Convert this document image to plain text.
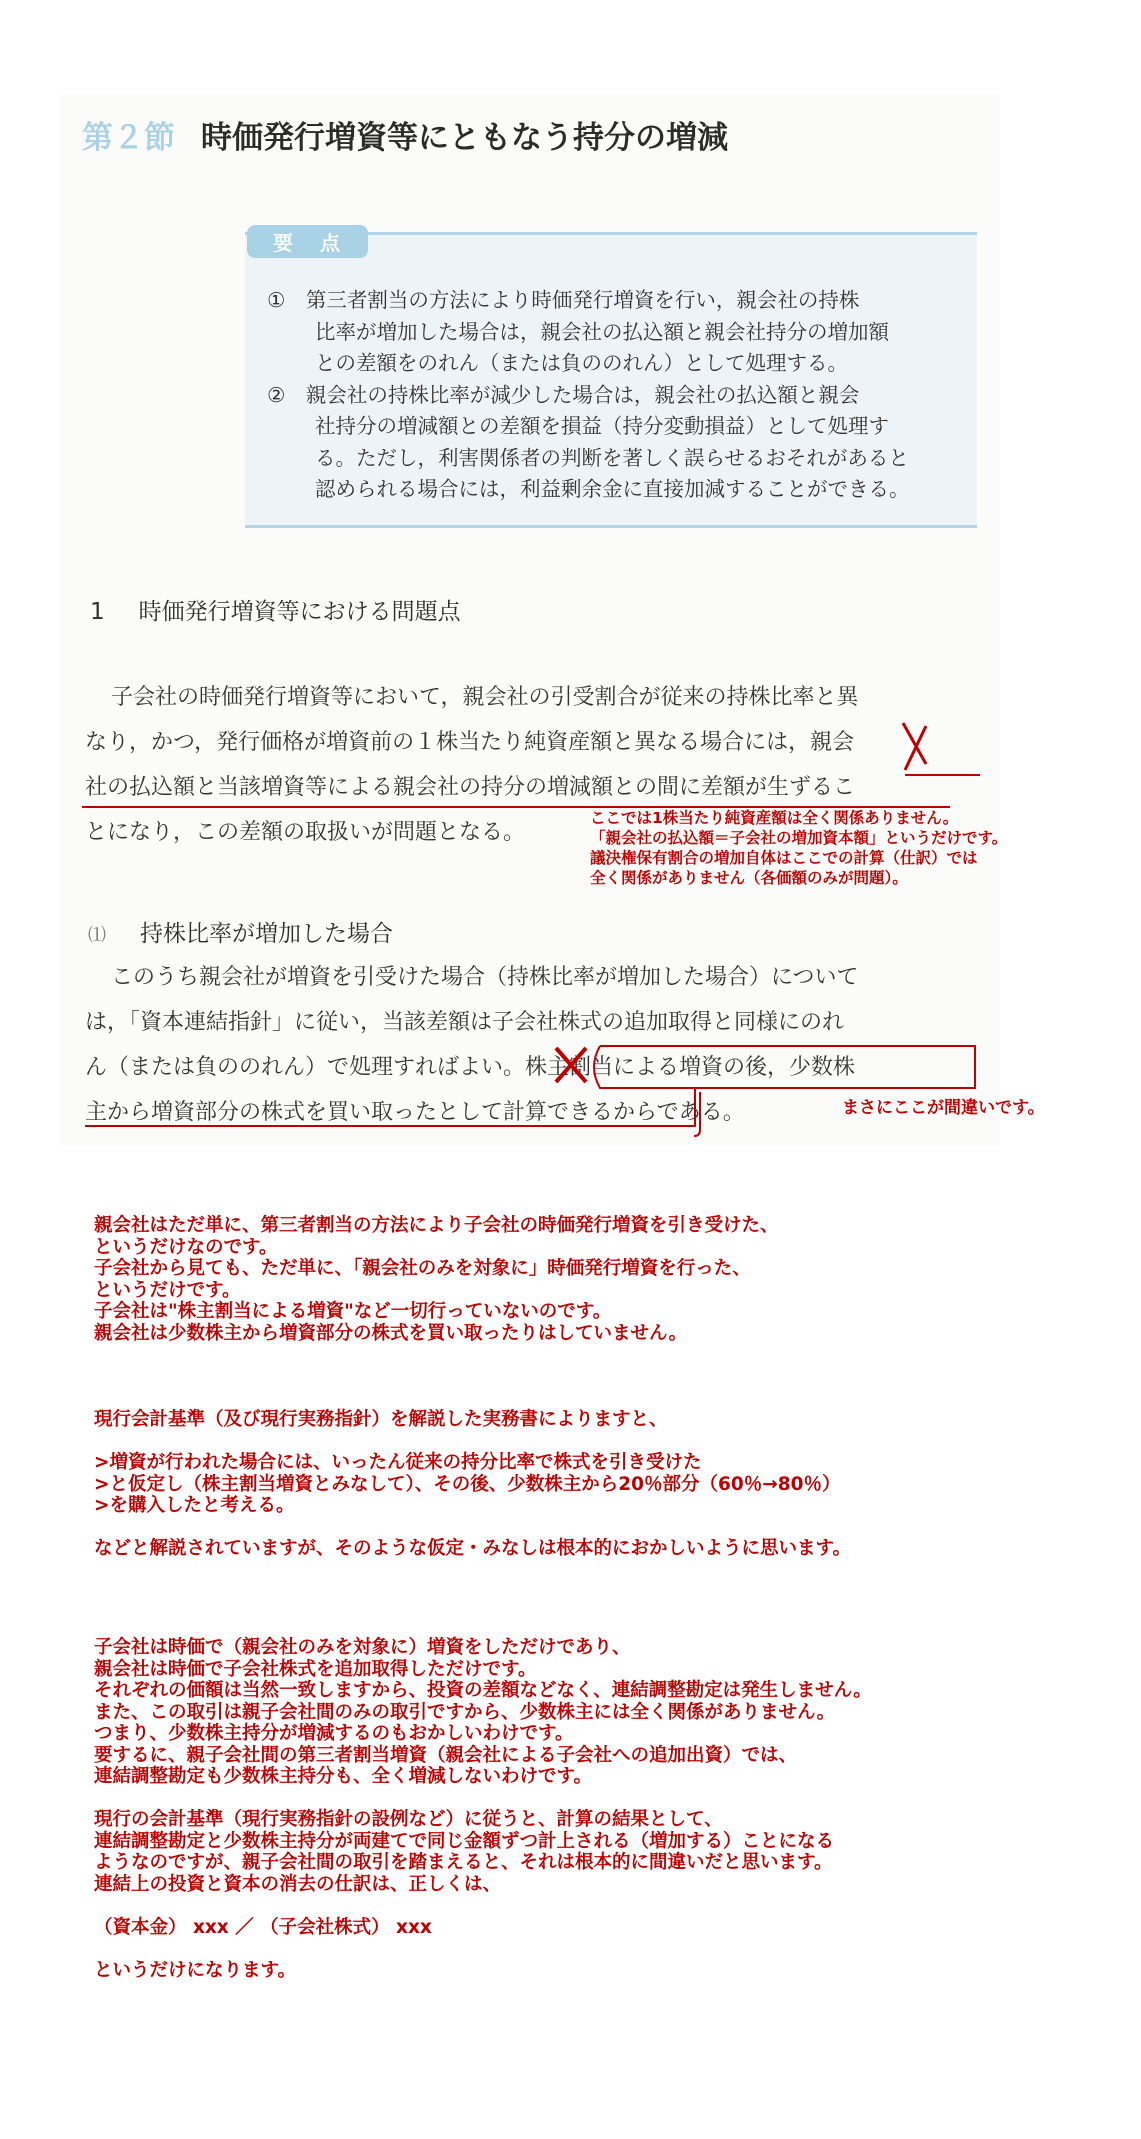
第２節 時価発行増資等にともなう持分の増減
要 点

①　第三者割当の方法により時価発行増資を行い，親会社の持株

比率が増加した場合は，親会社の払込額と親会社持分の増加額

との差額をのれん（または負ののれん）として処理する。

②　親会社の持株比率が減少した場合は，親会社の払込額と親会

社持分の増減額との差額を損益（持分変動損益）として処理す

る。ただし，利害関係者の判断を著しく誤らせるおそれがあると

認められる場合には，利益剰余金に直接加減することができる。

1 時価発行増資等における問題点

子会社の時価発行増資等において，親会社の引受割合が従来の持株比率と異

なり，かつ，発行価格が増資前の１株当たり純資産額と異なる場合には，親会

社の払込額と当該増資等による親会社の持分の増減額との間に差額が生ずるこ

とになり，この差額の取扱いが問題となる。

ここでは1株当たり純資産額は全く関係ありません。

「親会社の払込額＝子会社の増加資本額」というだけです。

議決権保有割合の増加自体はここでの計算（仕訳）では

全く関係がありません（各価額のみが問題）。

⑴ 持株比率が増加した場合

このうち親会社が増資を引受けた場合（持株比率が増加した場合）について

は，「資本連結指針」に従い，当該差額は子会社株式の追加取得と同様にのれ

ん（または負ののれん）で処理すればよい。株主割当による増資の後，少数株

主から増資部分の株式を買い取ったとして計算できるからである。	まさにここが間違いです。

親会社はただ単に、第三者割当の方法により子会社の時価発行増資を引き受けた、

というだけなのです。

子会社から見ても、ただ単に、「親会社のみを対象に」時価発行増資を行った、

というだけです。

子会社は"株主割当による増資"など一切行っていないのです。

親会社は少数株主から増資部分の株式を買い取ったりはしていません。

現行会計基準（及び現行実務指針）を解説した実務書によりますと、

>増資が行われた場合には、いったん従来の持分比率で株式を引き受けた

>と仮定し（株主割当増資とみなして）、その後、少数株主から20％部分（60％→80％）

>を購入したと考える。

などと解説されていますが、そのような仮定・みなしは根本的におかしいように思います。

子会社は時価で（親会社のみを対象に）増資をしただけであり、

親会社は時価で子会社株式を追加取得しただけです。

それぞれの価額は当然一致しますから、投資の差額などなく、連結調整勘定は発生しません。

また、この取引は親子会社間のみの取引ですから、少数株主には全く関係がありません。

つまり、少数株主持分が増減するのもおかしいわけです。

要するに、親子会社間の第三者割当増資（親会社による子会社への追加出資）では、

連結調整勘定も少数株主持分も、全く増減しないわけです。

現行の会計基準（現行実務指針の設例など）に従うと、計算の結果として、

連結調整勘定と少数株主持分が両建てで同じ金額ずつ計上される（増加する）ことになる

ようなのですが、親子会社間の取引を踏まえると、それは根本的に間違いだと思います。

連結上の投資と資本の消去の仕訳は、正しくは、

（資本金） xxx ／ （子会社株式） xxx

というだけになります。
